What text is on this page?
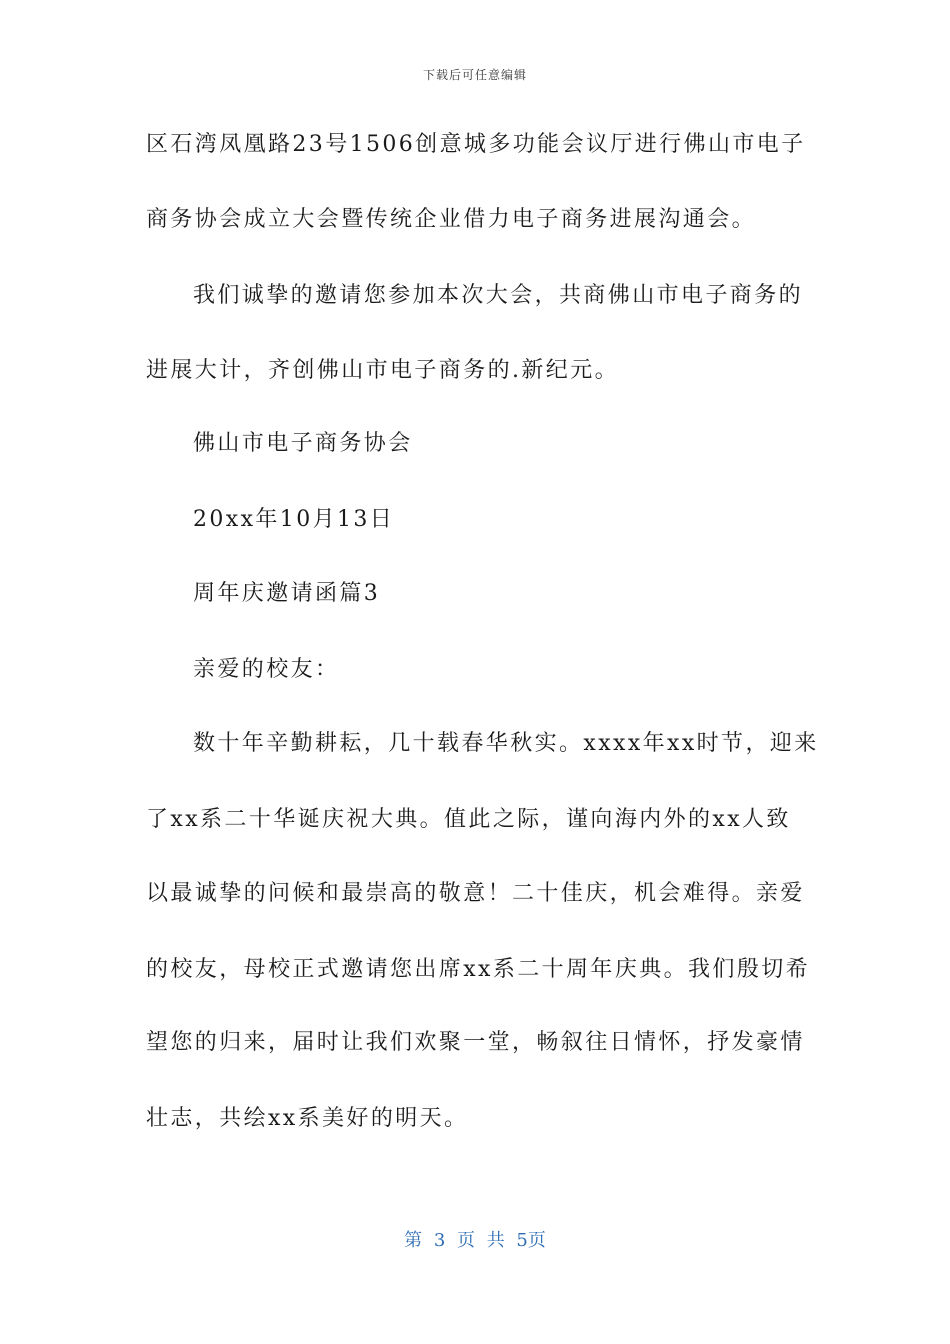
下载后可任意编辑
区石湾凤凰路23号1506创意城多功能会议厅进行佛山市电子
商务协会成立大会暨传统企业借力电子商务进展沟通会。
我们诚挚的邀请您参加本次大会，共商佛山市电子商务的
进展大计，齐创佛山市电子商务的.新纪元。
佛山市电子商务协会
20xx年10月13日
周年庆邀请函篇3
亲爱的校友：
数十年辛勤耕耘，几十载春华秋实。xxxx年xx时节，迎来
了xx系二十华诞庆祝大典。值此之际，谨向海内外的xx人致
以最诚挚的问候和最崇高的敬意！二十佳庆，机会难得。亲爱
的校友，母校正式邀请您出席xx系二十周年庆典。我们殷切希
望您的归来，届时让我们欢聚一堂，畅叙往日情怀，抒发豪情
壮志，共绘xx系美好的明天。
第 3 页 共 5页
